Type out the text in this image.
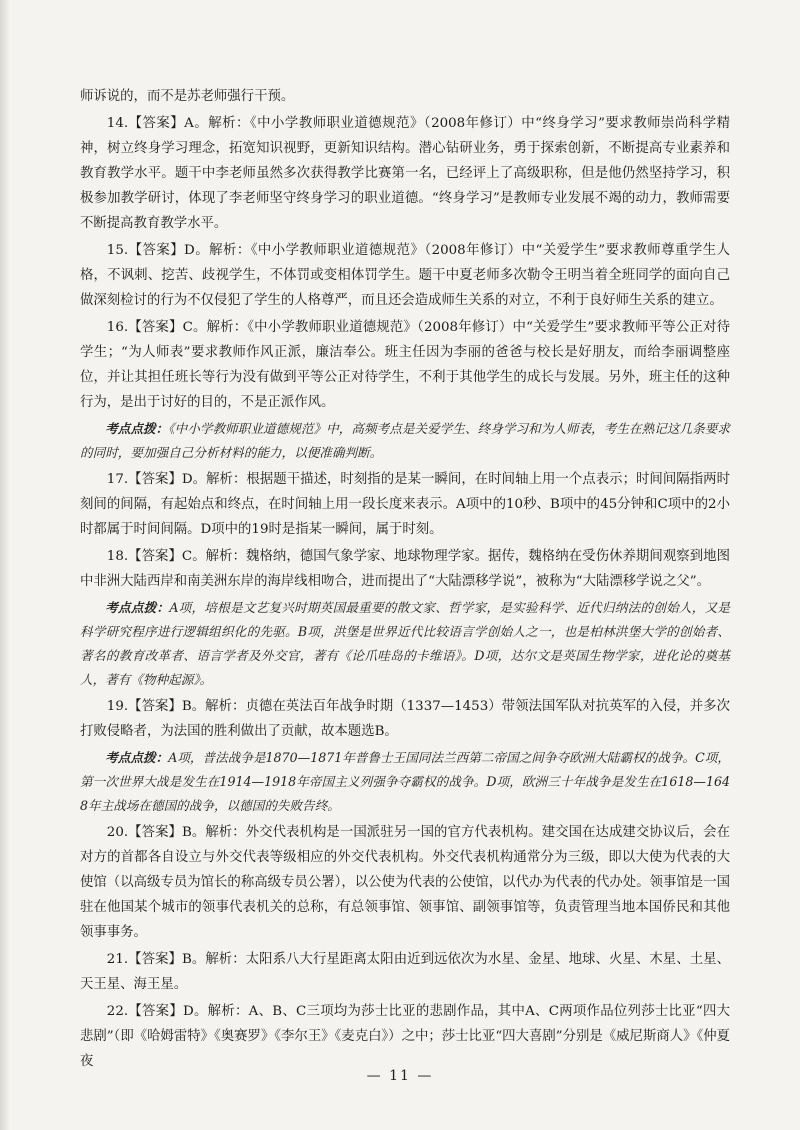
师诉说的，而不是苏老师强行干预。

14.【答案】A。解析：《中小学教师职业道德规范》（2008年修订）中“终身学习”要求教师崇尚科学精神，树立终身学习理念，拓宽知识视野，更新知识结构。潜心钻研业务，勇于探索创新，不断提高专业素养和教育教学水平。题干中李老师虽然多次获得教学比赛第一名，已经评上了高级职称，但是他仍然坚持学习，积极参加教学研讨，体现了李老师坚守终身学习的职业道德。“终身学习”是教师专业发展不竭的动力，教师需要不断提高教育教学水平。

15.【答案】D。解析：《中小学教师职业道德规范》（2008年修订）中“关爱学生”要求教师尊重学生人格，不讽刺、挖苦、歧视学生，不体罚或变相体罚学生。题干中夏老师多次勒令王明当着全班同学的面向自己做深刻检讨的行为不仅侵犯了学生的人格尊严，而且还会造成师生关系的对立，不利于良好师生关系的建立。

16.【答案】C。解析：《中小学教师职业道德规范》（2008年修订）中“关爱学生”要求教师平等公正对待学生；“为人师表”要求教师作风正派，廉洁奉公。班主任因为李丽的爸爸与校长是好朋友，而给李丽调整座位，并让其担任班长等行为没有做到平等公正对待学生，不利于其他学生的成长与发展。另外，班主任的这种行为，是出于讨好的目的，不是正派作风。

考点点拨：《中小学教师职业道德规范》中，高频考点是关爱学生、终身学习和为人师表，考生在熟记这几条要求的同时，要加强自己分析材料的能力，以便准确判断。

17.【答案】D。解析：根据题干描述，时刻指的是某一瞬间，在时间轴上用一个点表示；时间间隔指两时刻间的间隔，有起始点和终点，在时间轴上用一段长度来表示。A项中的10秒、B项中的45分钟和C项中的2小时都属于时间间隔。D项中的19时是指某一瞬间，属于时刻。

18.【答案】C。解析：魏格纳，德国气象学家、地球物理学家。据传，魏格纳在受伤休养期间观察到地图中非洲大陆西岸和南美洲东岸的海岸线相吻合，进而提出了“大陆漂移学说”，被称为“大陆漂移学说之父”。

考点点拨：A项，培根是文艺复兴时期英国最重要的散文家、哲学家，是实验科学、近代归纳法的创始人，又是科学研究程序进行逻辑组织化的先驱。B项，洪堡是世界近代比较语言学创始人之一，也是柏林洪堡大学的创始者、著名的教育改革者、语言学者及外交官，著有《论爪哇岛的卡维语》。D项，达尔文是英国生物学家，进化论的奠基人，著有《物种起源》。

19.【答案】B。解析：贞德在英法百年战争时期（1337—1453）带领法国军队对抗英军的入侵，并多次打败侵略者，为法国的胜利做出了贡献，故本题选B。

考点点拨：A项，普法战争是1870—1871年普鲁士王国同法兰西第二帝国之间争夺欧洲大陆霸权的战争。C项，第一次世界大战是发生在1914—1918年帝国主义列强争夺霸权的战争。D项，欧洲三十年战争是发生在1618—1648年主战场在德国的战争，以德国的失败告终。

20.【答案】B。解析：外交代表机构是一国派驻另一国的官方代表机构。建交国在达成建交协议后，会在对方的首都各自设立与外交代表等级相应的外交代表机构。外交代表机构通常分为三级，即以大使为代表的大使馆（以高级专员为馆长的称高级专员公署），以公使为代表的公使馆，以代办为代表的代办处。领事馆是一国驻在他国某个城市的领事代表机关的总称，有总领事馆、领事馆、副领事馆等，负责管理当地本国侨民和其他领事事务。

21.【答案】B。解析：太阳系八大行星距离太阳由近到远依次为水星、金星、地球、火星、木星、土星、天王星、海王星。

22.【答案】D。解析：A、B、C三项均为莎士比亚的悲剧作品，其中A、C两项作品位列莎士比亚“四大悲剧”（即《哈姆雷特》《奥赛罗》《李尔王》《麦克白》）之中；莎士比亚“四大喜剧”分别是《威尼斯商人》《仲夏夜

— 11 —
